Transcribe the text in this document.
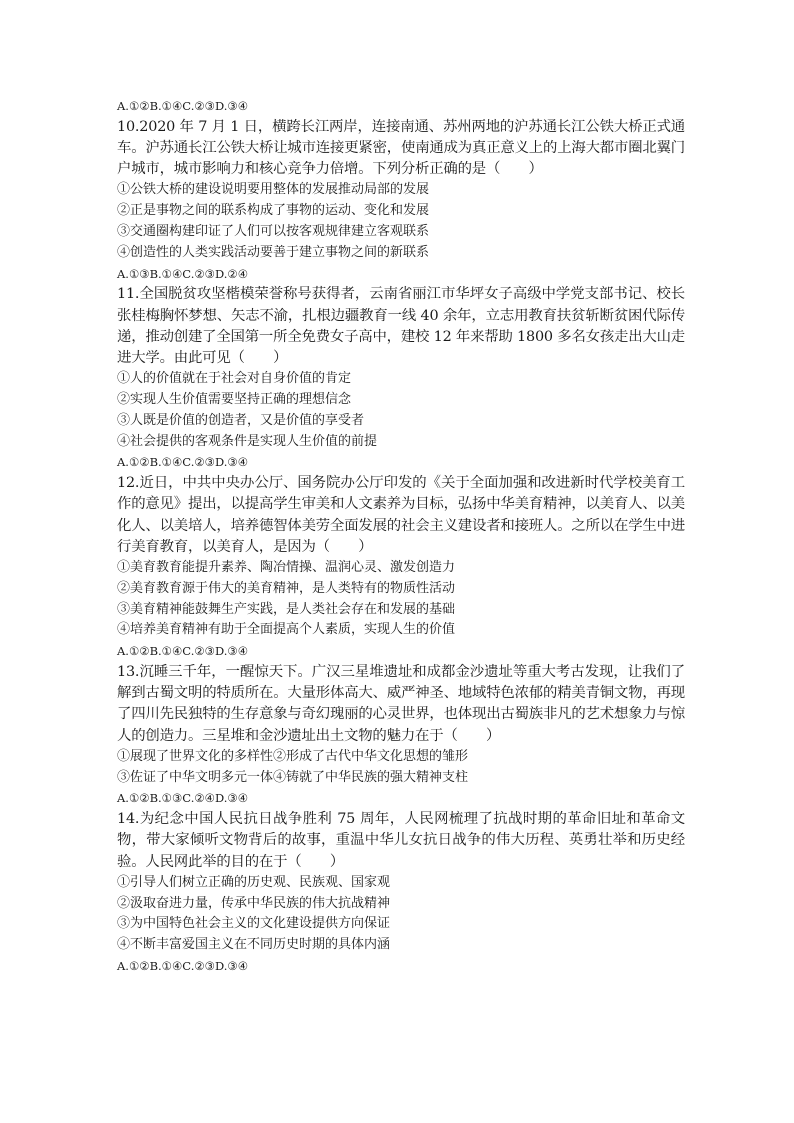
A.①②B.①④C.②③D.③④

10.2020 年 7 月 1 日，横跨长江两岸，连接南通、苏州两地的沪苏通长江公铁大桥正式通车。沪苏通长江公铁大桥让城市连接更紧密，使南通成为真正意义上的上海大都市圈北翼门户城市，城市影响力和核心竞争力倍增。下列分析正确的是（　　）

①公铁大桥的建设说明要用整体的发展推动局部的发展

②正是事物之间的联系构成了事物的运动、变化和发展

③交通圈构建印证了人们可以按客观规律建立客观联系

④创造性的人类实践活动要善于建立事物之间的新联系

A.①③B.①④C.②③D.②④

11.全国脱贫攻坚楷模荣誉称号获得者，云南省丽江市华坪女子高级中学党支部书记、校长张桂梅胸怀梦想、矢志不渝，扎根边疆教育一线 40 余年，立志用教育扶贫斩断贫困代际传递，推动创建了全国第一所全免费女子高中，建校 12 年来帮助 1800 多名女孩走出大山走进大学。由此可见（　　）

①人的价值就在于社会对自身价值的肯定

②实现人生价值需要坚持正确的理想信念

③人既是价值的创造者，又是价值的享受者

④社会提供的客观条件是实现人生价值的前提

A.①②B.①④C.②③D.③④

12.近日，中共中央办公厅、国务院办公厅印发的《关于全面加强和改进新时代学校美育工作的意见》提出，以提高学生审美和人文素养为目标，弘扬中华美育精神，以美育人、以美化人、以美培人，培养德智体美劳全面发展的社会主义建设者和接班人。之所以在学生中进行美育教育，以美育人，是因为（　　）

①美育教育能提升素养、陶冶情操、温润心灵、激发创造力

②美育教育源于伟大的美育精神，是人类特有的物质性活动

③美育精神能鼓舞生产实践，是人类社会存在和发展的基础

④培养美育精神有助于全面提高个人素质，实现人生的价值

A.①②B.①④C.②③D.③④

13.沉睡三千年，一醒惊天下。广汉三星堆遗址和成都金沙遗址等重大考古发现，让我们了解到古蜀文明的特质所在。大量形体高大、威严神圣、地域特色浓郁的精美青铜文物，再现了四川先民独特的生存意象与奇幻瑰丽的心灵世界，也体现出古蜀族非凡的艺术想象力与惊人的创造力。三星堆和金沙遗址出土文物的魅力在于（　　）

①展现了世界文化的多样性②形成了古代中华文化思想的雏形

③佐证了中华文明多元一体④铸就了中华民族的强大精神支柱

A.①②B.①③C.②④D.③④

14.为纪念中国人民抗日战争胜利 75 周年，人民网梳理了抗战时期的革命旧址和革命文物，带大家倾听文物背后的故事，重温中华儿女抗日战争的伟大历程、英勇壮举和历史经验。人民网此举的目的在于（　　）

①引导人们树立正确的历史观、民族观、国家观

②汲取奋进力量，传承中华民族的伟大抗战精神

③为中国特色社会主义的文化建设提供方向保证

④不断丰富爱国主义在不同历史时期的具体内涵

A.①②B.①④C.②③D.③④
